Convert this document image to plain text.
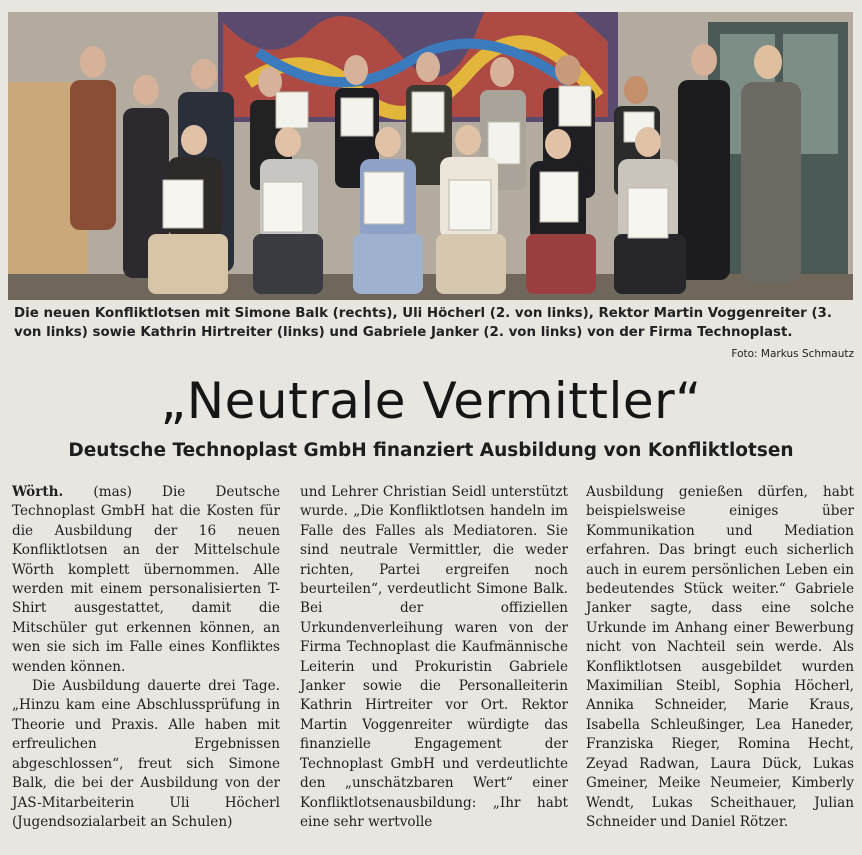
Die neuen Konfliktlotsen mit Simone Balk (rechts), Uli Höcherl (2. von links), Rektor Martin Voggenreiter (3. von links) sowie Kathrin Hirtreiter (links) und Gabriele Janker (2. von links) von der Firma Technoplast.
Foto: Markus Schmautz
„Neutrale Vermittler“
Deutsche Technoplast GmbH finanziert Ausbildung von Konfliktlotsen

Wörth. (mas) Die Deutsche Technoplast GmbH hat die Kosten für die Ausbildung der 16 neuen Konfliktlotsen an der Mittelschule Wörth komplett übernommen. Alle werden mit einem personalisierten T-Shirt ausgestattet, damit die Mitschüler gut erkennen können, an wen sie sich im Falle eines Konfliktes wenden können.

Die Ausbildung dauerte drei Tage. „Hinzu kam eine Abschlussprüfung in Theorie und Praxis. Alle haben mit erfreulichen Ergebnissen abgeschlossen“, freut sich Simone Balk, die bei der Ausbildung von der JAS-Mitarbeiterin Uli Höcherl (Jugendsozialarbeit an Schulen)

und Lehrer Christian Seidl unterstützt wurde. „Die Konfliktlotsen handeln im Falle des Falles als Mediatoren. Sie sind neutrale Vermittler, die weder richten, Partei ergreifen noch beurteilen“, verdeutlicht Simone Balk. Bei der offiziellen Urkundenverleihung waren von der Firma Technoplast die Kaufmännische Leiterin und Prokuristin Gabriele Janker sowie die Personalleiterin Kathrin Hirtreiter vor Ort. Rektor Martin Voggenreiter würdigte das finanzielle Engagement der Technoplast GmbH und verdeutlichte den „unschätzbaren Wert“ einer Konfliktlotsenausbildung: „Ihr habt eine sehr wertvolle

Ausbildung genießen dürfen, habt beispielsweise einiges über Kommunikation und Mediation erfahren. Das bringt euch sicherlich auch in eurem persönlichen Leben ein bedeutendes Stück weiter.“ Gabriele Janker sagte, dass eine solche Urkunde im Anhang einer Bewerbung nicht von Nachteil sein werde. Als Konfliktlotsen ausgebildet wurden Maximilian Steibl, Sophia Höcherl, Annika Schneider, Marie Kraus, Isabella Schleußinger, Lea Haneder, Franziska Rieger, Romina Hecht, Zeyad Radwan, Laura Dück, Lukas Gmeiner, Meike Neumeier, Kimberly Wendt, Lukas Scheithauer, Julian Schneider und Daniel Rötzer.
